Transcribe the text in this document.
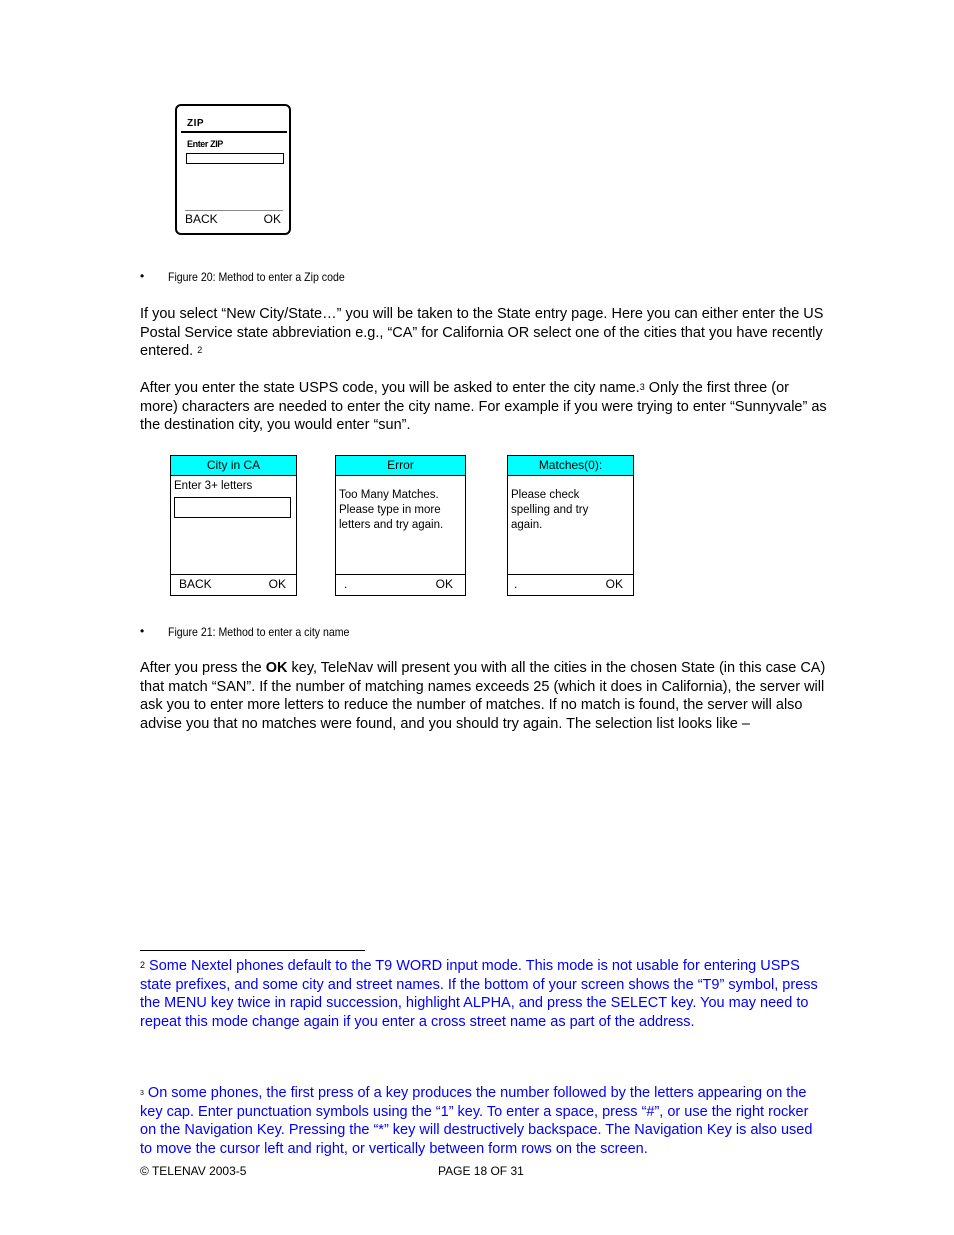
ZIP
Enter ZIP
BACK	OK
• Figure 20: Method to enter a Zip code
If you select “New City/State…” you will be taken to the State entry page. Here you can either enter the US Postal Service state abbreviation e.g., “CA” for California OR select one of the cities that you have recently entered. $^2$
After you enter the state USPS code, you will be asked to enter the city name.$^3$ Only the first three (or more) characters are needed to enter the city name. For example if you were trying to enter “Sunnyvale” as the destination city, you would enter “sun”.
City in CA
Enter 3+ letters
BACK	OK
Error
Too Many Matches. Please type in more letters and try again.
.	OK
Matches(0):
Please check spelling and try again.
.	OK
• Figure 21: Method to enter a city name
After you press the OK key, TeleNav will present you with all the cities in the chosen State (in this case CA) that match “SAN”. If the number of matching names exceeds 25 (which it does in California), the server will ask you to enter more letters to reduce the number of matches. If no match is found, the server will also advise you that no matches were found, and you should try again. The selection list looks like –
$^2$ Some Nextel phones default to the T9 WORD input mode. This mode is not usable for entering USPS state prefixes, and some city and street names. If the bottom of your screen shows the “T9” symbol, press the MENU key twice in rapid succession, highlight ALPHA, and press the SELECT key. You may need to repeat this mode change again if you enter a cross street name as part of the address.
$^3$ On some phones, the first press of a key produces the number followed by the letters appearing on the key cap. Enter punctuation symbols using the “1” key. To enter a space, press “#”, or use the right rocker on the Navigation Key. Pressing the “*” key will destructively backspace. The Navigation Key is also used to move the cursor left and right, or vertically between form rows on the screen.
© TELENAV 2003-5	PAGE 18 OF 31
